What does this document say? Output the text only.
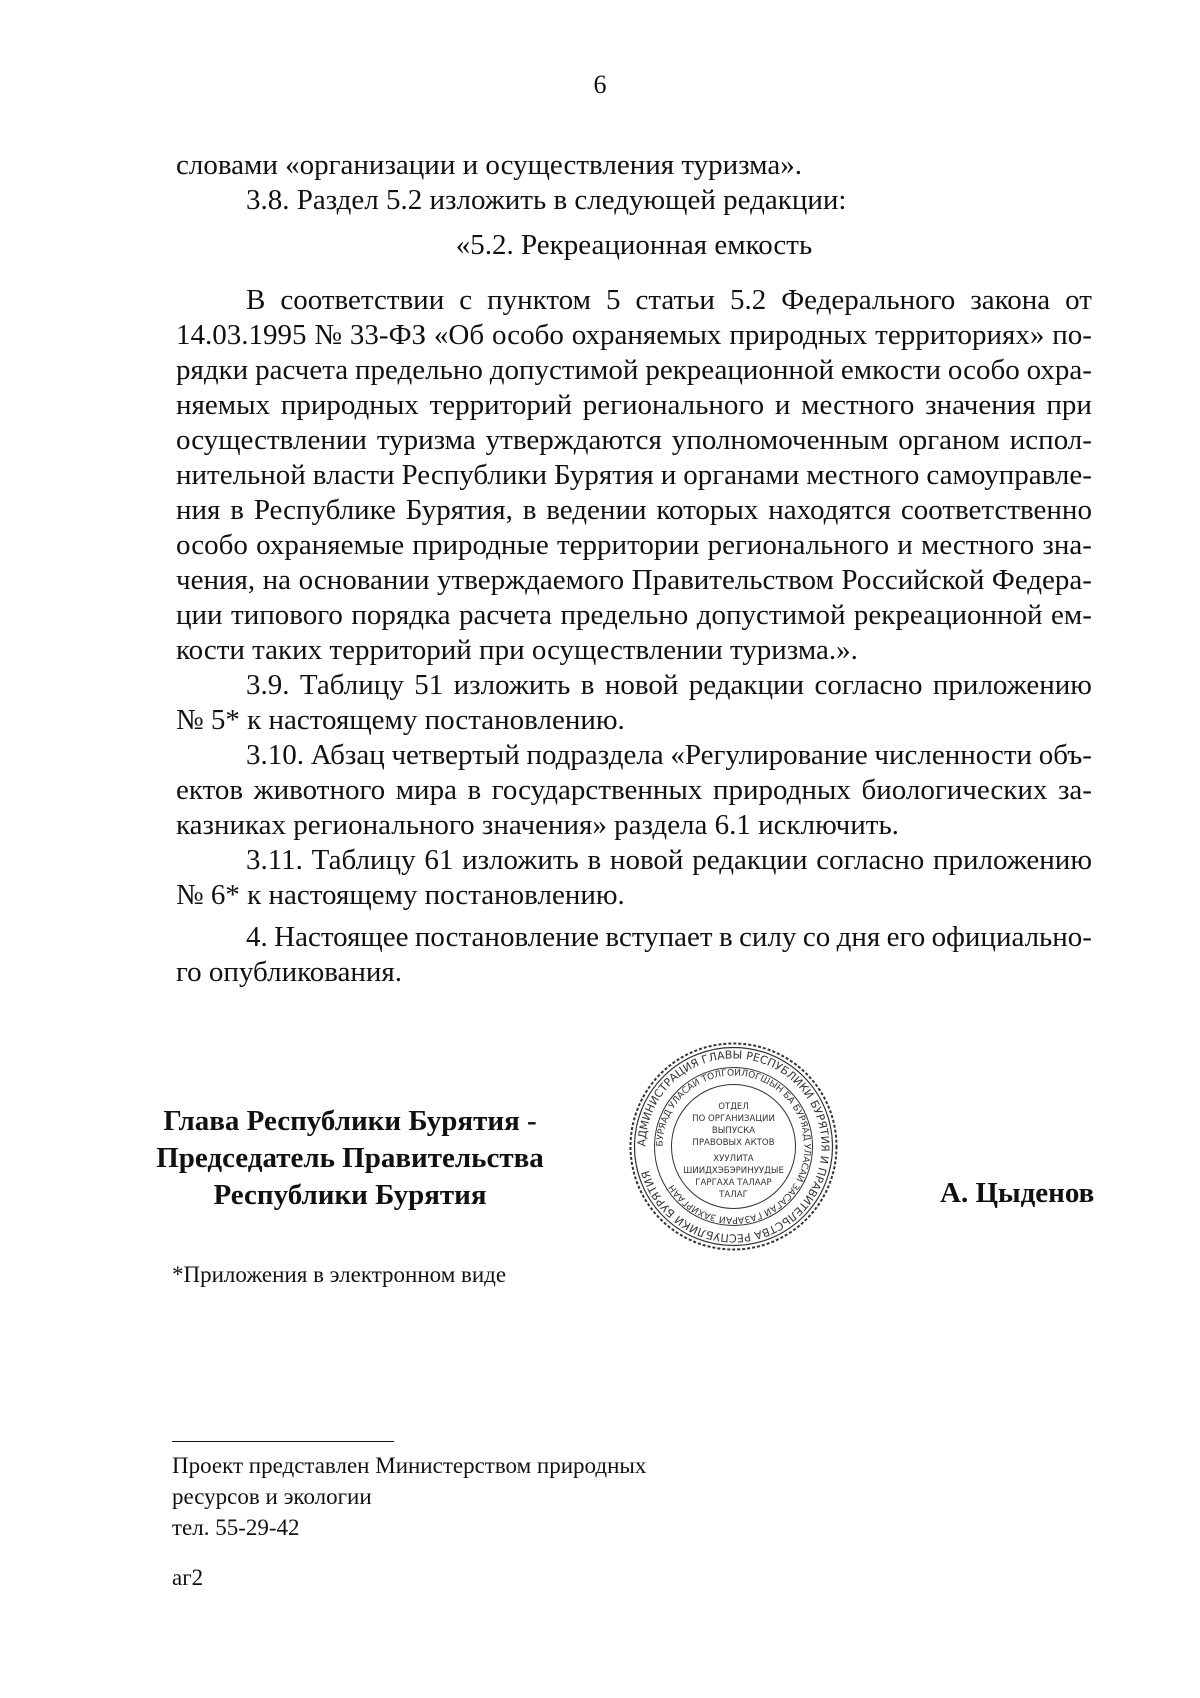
6
словами «организации и осуществления туризма».
3.8. Раздел 5.2 изложить в следующей редакции:
«5.2. Рекреационная емкость
В соответствии с пунктом 5 статьи 5.2 Федерального закона от
14.03.1995 № 33-ФЗ «Об особо охраняемых природных территориях» по-
рядки расчета предельно допустимой рекреационной емкости особо охра-
няемых природных территорий регионального и местного значения при
осуществлении туризма утверждаются уполномоченным органом испол-
нительной власти Республики Бурятия и органами местного самоуправле-
ния в Республике Бурятия, в ведении которых находятся соответственно
особо охраняемые природные территории регионального и местного зна-
чения, на основании утверждаемого Правительством Российской Федера-
ции типового порядка расчета предельно допустимой рекреационной ем-
кости таких территорий при осуществлении туризма.».
3.9. Таблицу 51 изложить в новой редакции согласно приложению
№ 5* к настоящему постановлению.
3.10. Абзац четвертый подраздела «Регулирование численности объ-
ектов животного мира в государственных природных биологических за-
казниках регионального значения» раздела 6.1 исключить.
3.11. Таблицу 61 изложить в новой редакции согласно приложению
№ 6* к настоящему постановлению.
4. Настоящее постановление вступает в силу со дня его официально-
го опубликования.
Глава Республики Бурятия -
Председатель Правительства
Республики Бурятия
АДМИНИСТРАЦИЯ ГЛАВЫ РЕСПУБЛИКИ БУРЯТИЯ И ПРАВИТЕЛЬСТВА РЕСПУБЛИКИ БУРЯТИЯ
БУРЯАД УЛАСАЙ ТОЛГОЙЛОГШЫН БА БУРЯАД УЛАСАЙ ЗАСАГАЙ ГАЗАРАЙ ЗАХИРГААН
ОТДЕЛ
ПО ОРГАНИЗАЦИИ
ВЫПУСКА
ПРАВОВЫХ АКТОВ
ХУУЛИТА
ШИИДХЭБЭРИНУУДЫЕ
ГАРГАХА ТАЛААР
ТАЛАГ	А. Цыденов
*Приложения в электронном виде
Проект представлен Министерством природных
ресурсов и экологии
тел. 55-29-42
аг2
